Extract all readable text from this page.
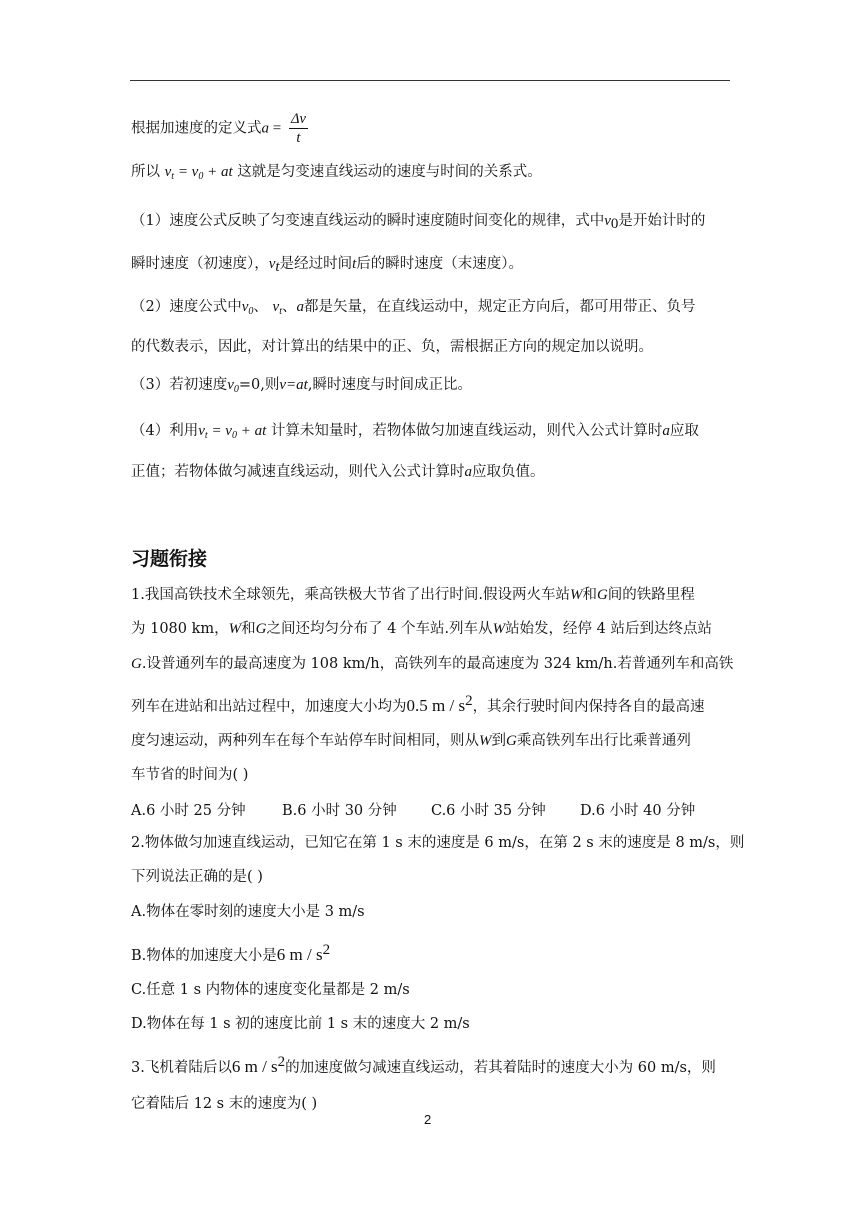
根据加速度的定义式$a = \frac{\Delta v}{t}$
所以 $v_t = v_0$ + at 这就是匀变速直线运动的速度与时间的关系式。
（1）速度公式反映了匀变速直线运动的瞬时速度随时间变化的规律，式中$v_0$是开始计时的
瞬时速度（初速度），$v_t$是经过时间t后的瞬时速度（末速度）。
（2）速度公式中$v_0$、 $v_t$、a都是矢量，在直线运动中，规定正方向后，都可用带正、负号
的代数表示，因此，对计算出的结果中的正、负，需根据正方向的规定加以说明。
（3）若初速度$v_0=0$,则v=at,瞬时速度与时间成正比。
（4）利用$v_t = v_0$ + at 计算未知量时，若物体做匀加速直线运动，则代入公式计算时a应取
正值；若物体做匀减速直线运动，则代入公式计算时a应取负值。
习题衔接
1.我国高铁技术全球领先，乘高铁极大节省了出行时间.假设两火车站W和G间的铁路里程
为 1080 km，W和G之间还均匀分布了 4 个车站.列车从W站始发，经停 4 站后到达终点站
G.设普通列车的最高速度为 108 km/h，高铁列车的最高速度为 324 km/h.若普通列车和高铁
列车在进站和出站过程中，加速度大小均为0.5 m / $s^2$，其余行驶时间内保持各自的最高速
度匀速运动，两种列车在每个车站停车时间相同，则从W到G乘高铁列车出行比乘普通列
车节省的时间为( )
A.6 小时 25 分钟	B.6 小时 30 分钟 C.6 小时 35 分钟 D.6 小时 40 分钟
2.物体做匀加速直线运动，已知它在第 1 s 末的速度是 6 m/s，在第 2 s 末的速度是 8 m/s，则
下列说法正确的是( )
A.物体在零时刻的速度大小是 3 m/s
B.物体的加速度大小是6 m / $s^2$
C.任意 1 s 内物体的速度变化量都是 2 m/s
D.物体在每 1 s 初的速度比前 1 s 末的速度大 2 m/s
3.飞机着陆后以6 m / $s^2$的加速度做匀减速直线运动，若其着陆时的速度大小为 60 m/s，则
它着陆后 12 s 末的速度为( )
2
